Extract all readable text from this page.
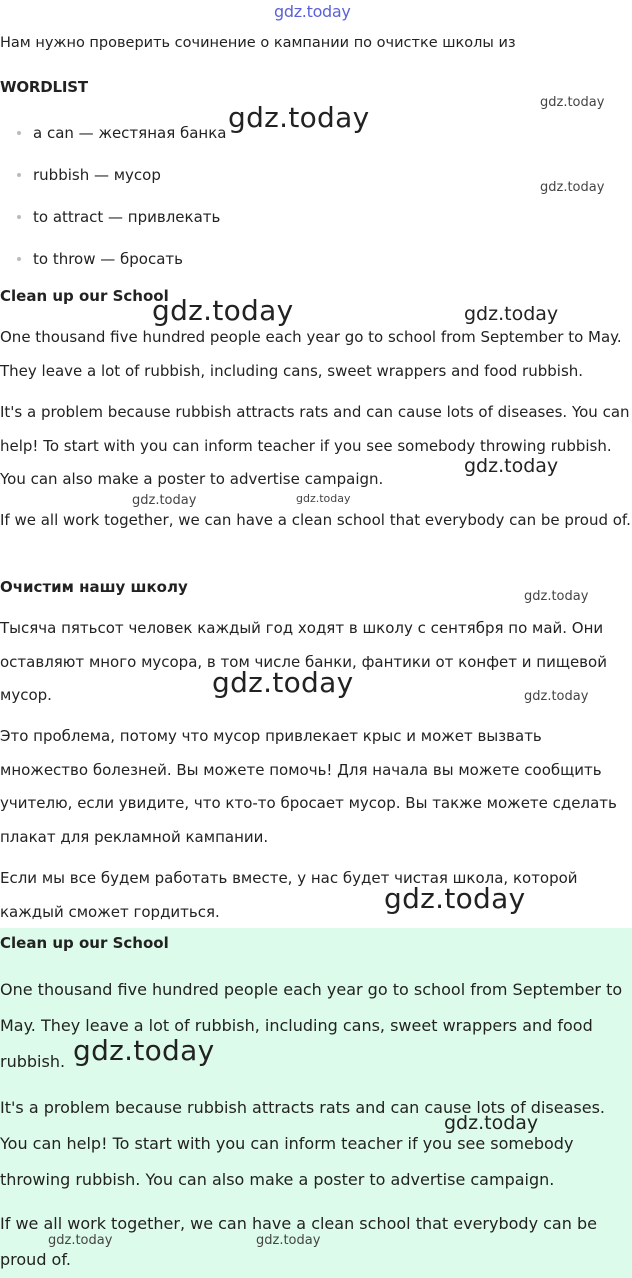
gdz.today
Нам нужно проверить сочинение о кампании по очистке школы из
WORDLIST
a can — жестяная банка
rubbish — мусор
to attract — привлекать
to throw — бросать
Clean up our School

One thousand five hundred people each year go to school from September to May. They leave a lot of rubbish, including cans, sweet wrappers and food rubbish.

It's a problem because rubbish attracts rats and can cause lots of diseases. You can help! To start with you can inform teacher if you see somebody throwing rubbish. You can also make a poster to advertise campaign.

If we all work together, we can have a clean school that everybody can be proud of.

Очистим нашу школу

Тысяча пятьсот человек каждый год ходят в школу с сентября по май. Они оставляют много мусора, в том числе банки, фантики от конфет и пищевой мусор.

Это проблема, потому что мусор привлекает крыс и может вызвать множество болезней. Вы можете помочь! Для начала вы можете сообщить учителю, если увидите, что кто-то бросает мусор. Вы также можете сделать плакат для рекламной кампании.

Если мы все будем работать вместе, у нас будет чистая школа, которой каждый сможет гордиться.

Clean up our School

One thousand five hundred people each year go to school from September to May. They leave a lot of rubbish, including cans, sweet wrappers and food rubbish.

It's a problem because rubbish attracts rats and can cause lots of diseases. You can help! To start with you can inform teacher if you see somebody throwing rubbish. You can also make a poster to advertise campaign.

If we all work together, we can have a clean school that everybody can be proud of.

gdz.today	gdz.today
gdz.today
gdz.today	gdz.today
gdz.today
gdz.today	gdz.today
gdz.today
gdz.today	gdz.today
gdz.today
gdz.today
gdz.today
gdz.today	gdz.today
